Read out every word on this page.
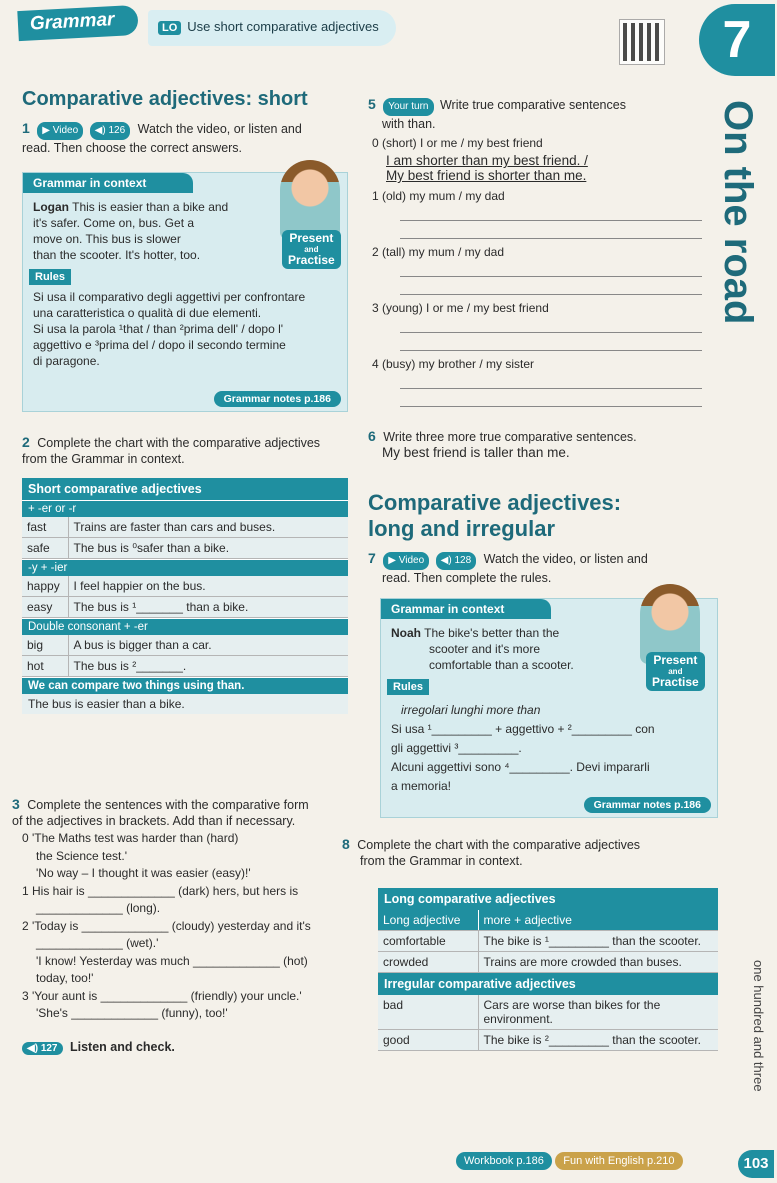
Grammar	LO Use short comparative adjectives	7
On the road
Comparative adjectives: short
1 ▶ Video ◀) 126 Watch the video, or listen and
read. Then choose the correct answers.
Grammar in context
Logan This is easier than a bike and
it's safer. Come on, bus. Get a
move on. This bus is slower
than the scooter. It's hotter, too.
Rules
Si usa il comparativo degli aggettivi per confrontare
una caratteristica o qualità di due elementi.
Si usa la parola ¹that / than ²prima dell' / dopo l'
aggettivo e ³prima del / dopo il secondo termine
di paragone.
Grammar notes p.186
Present
and
Practise
2 Complete the chart with the comparative adjectives
from the Grammar in context.
Short comparative adjectives
+ -er or -r
fast	Trains are faster than cars and buses.
safe	The bus is ⁰safer than a bike.
-y + -ier
happy	I feel happier on the bus.
easy	The bus is ¹_______ than a bike.
Double consonant + -er
big	A bus is bigger than a car.
hot	The bus is ²_______.
We can compare two things using than.
The bus is easier than a bike.
3 Complete the sentences with the comparative form
of the adjectives in brackets. Add than if necessary.
0 'The Maths test was harder than (hard)
the Science test.'
'No way – I thought it was easier (easy)!'
1 His hair is _____________ (dark) hers, but hers is
_____________ (long).
2 'Today is _____________ (cloudy) yesterday and it's
_____________ (wet).'
'I know! Yesterday was much _____________ (hot)
today, too!'
3 'Your aunt is _____________ (friendly) your uncle.'
'She's _____________ (funny), too!'
◀) 127 Listen and check.
5 Your turn Write true comparative sentences
with than.
0 (short) I or me / my best friend
I am shorter than my best friend. /
My best friend is shorter than me.
1 (old) my mum / my dad
2 (tall) my mum / my dad
3 (young) I or me / my best friend
4 (busy) my brother / my sister
6 Write three more true comparative sentences.
My best friend is taller than me.
Comparative adjectives:
long and irregular
7 ▶ Video ◀) 128 Watch the video, or listen and
read. Then complete the rules.
Grammar in context
Noah The bike's better than the
scooter and it's more
comfortable than a scooter.
Rules
irregolari lunghi more than
Si usa ¹_________ + aggettivo + ²_________ con
gli aggettivi ³_________.
Alcuni aggettivi sono ⁴_________. Devi impararli
a memoria!
Grammar notes p.186
Present
and
Practise
8 Complete the chart with the comparative adjectives
from the Grammar in context.
Long comparative adjectives
Long adjective	more + adjective
comfortable	The bike is ¹_________ than the scooter.
crowded	Trains are more crowded than buses.
Irregular comparative adjectives
bad	Cars are worse than bikes for the environment.
good	The bike is ²_________ than the scooter.
Workbook p.186 Fun with English p.210	103
one hundred and three
